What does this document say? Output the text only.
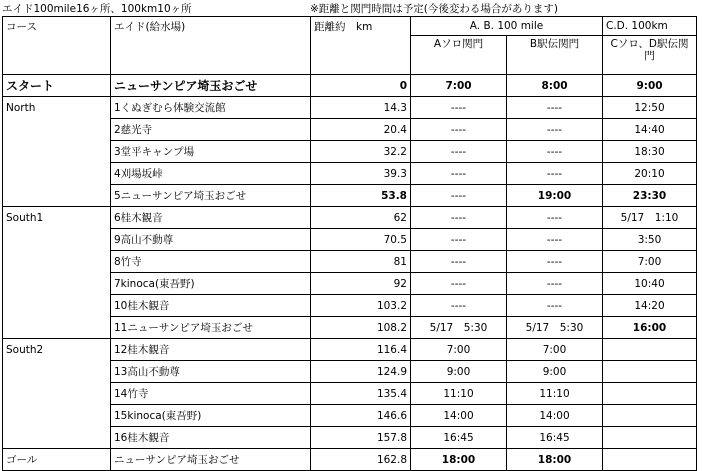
エイド100mile16ヶ所、100km10ヶ所	※距離と関門時間は予定(今後変わる場合があります)
コース	エイド(給水場)	距離約　km	A. B. 100 mile		C.D. 100km
			Aソロ関門	B駅伝関門	Cソロ、D駅伝関門
スタート	ニューサンピア埼玉おごせ	0	7:00	8:00	9:00
North	1くぬぎむら体験交流館	14.3	----	----	12:50
	2慈光寺	20.4	----	----	14:40
	3堂平キャンプ場	32.2	----	----	18:30
	4刈場坂峠	39.3	----	----	20:10
	5ニューサンピア埼玉おごせ	53.8	----	19:00	23:30
South1	6桂木観音	62	----	----	5/17　1:10
	9高山不動尊	70.5	----	----	3:50
	8竹寺	81	----	----	7:00
	7kinoca(東吾野)	92	----	----	10:40
	10桂木観音	103.2	----	----	14:20
	11ニューサンピア埼玉おごせ	108.2	5/17　5:30	5/17　5:30	16:00
South2	12桂木観音	116.4	7:00	7:00	
	13高山不動尊	124.9	9:00	9:00	
	14竹寺	135.4	11:10	11:10	
	15kinoca(東吾野)	146.6	14:00	14:00	
	16桂木観音	157.8	16:45	16:45	
ゴール	ニューサンピア埼玉おごせ	162.8	18:00	18:00	
